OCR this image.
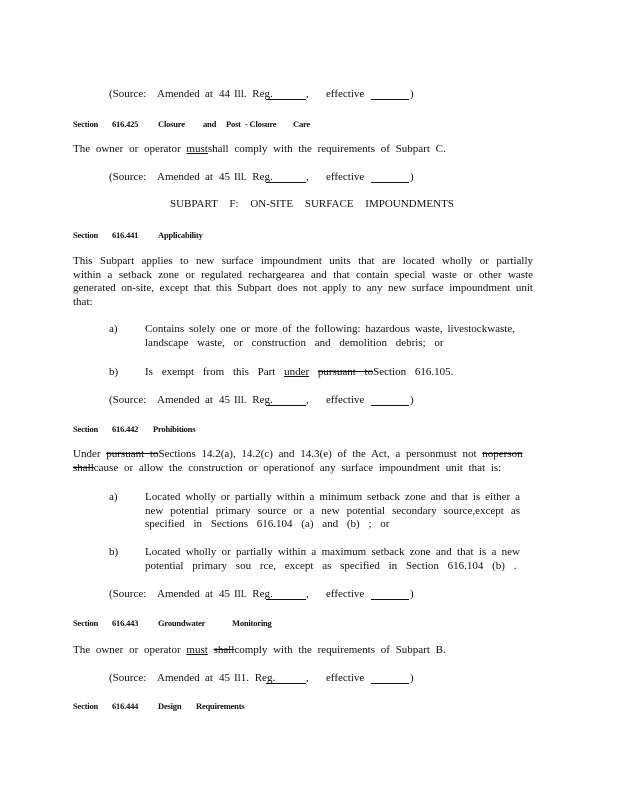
(Source: Amended at 44 Ill. Reg.	, effective	)
Section 616.425 Closure and Post - Closure Care
The owner or operator mustshall comply with the requirements of Subpart C.
(Source: Amended at 45 Ill. Reg.	, effective	)
SUBPART F: ON-SITE SURFACE IMPOUNDMENTS
Section 616.441 Applicability
This Subpart applies to new surface impoundment units that are located wholly or partially
within a setback zone or regulated rechargearea and that contain special waste or other waste
generated on-site, except that this Subpart does not apply to any new surface impoundment unit
that:
a) Contains solely one or more of the following: hazardous waste, livestockwaste,
landscape waste, or construction and demolition debris; or
b) Is exempt from this Part under pursuant toSection 616.105.
(Source: Amended at 45 Ill. Reg.	, effective	)
Section 616.442 Prohibitions
Under pursuant toSections 14.2(a), 14.2(c) and 14.3(e) of the Act, a personmust not noperson
shallcause or allow the construction or operationof any surface impoundment unit that is:
a) Located wholly or partially within a minimum setback zone and that is either a
new potential primary source or a new potential secondary source,except as
specified in Sections 616.104 (a) and (b) ; or
b) Located wholly or partially within a maximum setback zone and that is a new
potential primary sou rce, except as specified in Section 616.104 (b) .
(Source: Amended at 45 Ill. Reg.	, effective	)
Section 616.443 Groundwater	Monitoring
The owner or operator must shallcomply with the requirements of Subpart B.
(Source: Amended at 45 Il1. Reg.	, effective	)
Section 616.444 Design Requirements
